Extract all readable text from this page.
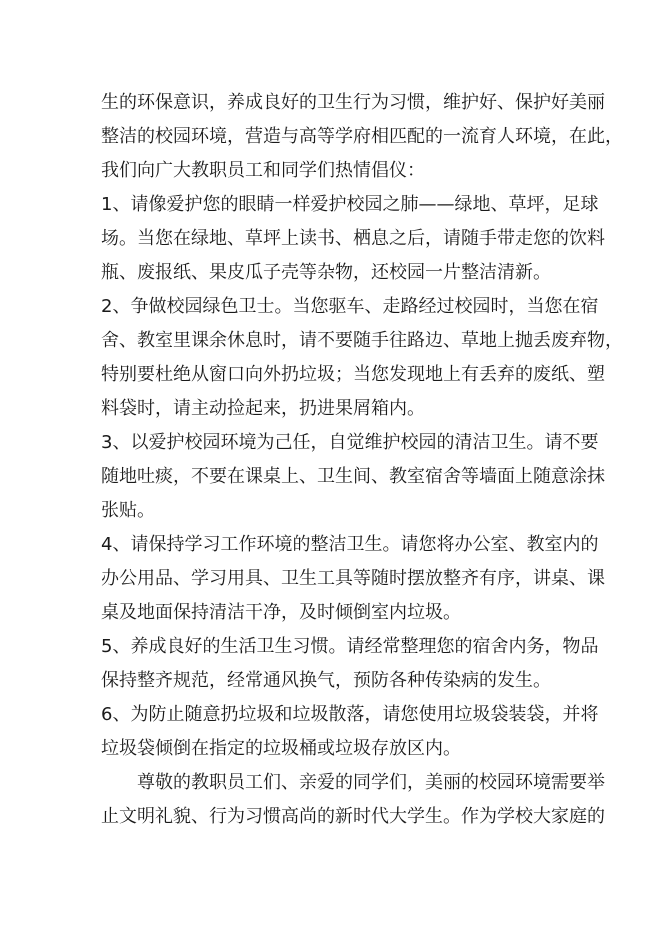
生的环保意识，养成良好的卫生行为习惯，维护好、保护好美丽
整洁的校园环境，营造与高等学府相匹配的一流育人环境，在此，
我们向广大教职员工和同学们热情倡仪：
1、请像爱护您的眼睛一样爱护校园之肺——绿地、草坪，足球
场。当您在绿地、草坪上读书、栖息之后，请随手带走您的饮料
瓶、废报纸、果皮瓜子壳等杂物，还校园一片整洁清新。
2、争做校园绿色卫士。当您驱车、走路经过校园时，当您在宿
舍、教室里课余休息时，请不要随手往路边、草地上抛丢废弃物，
特别要杜绝从窗口向外扔垃圾；当您发现地上有丢弃的废纸、塑
料袋时，请主动捡起来，扔进果屑箱内。
3、以爱护校园环境为己任，自觉维护校园的清洁卫生。请不要
随地吐痰，不要在课桌上、卫生间、教室宿舍等墙面上随意涂抹
张贴。
4、请保持学习工作环境的整洁卫生。请您将办公室、教室内的
办公用品、学习用具、卫生工具等随时摆放整齐有序，讲桌、课
桌及地面保持清洁干净，及时倾倒室内垃圾。
5、养成良好的生活卫生习惯。请经常整理您的宿舍内务，物品
保持整齐规范，经常通风换气，预防各种传染病的发生。
6、为防止随意扔垃圾和垃圾散落，请您使用垃圾袋装袋，并将
垃圾袋倾倒在指定的垃圾桶或垃圾存放区内。
尊敬的教职员工们、亲爱的同学们，美丽的校园环境需要举
止文明礼貌、行为习惯高尚的新时代大学生。作为学校大家庭的
